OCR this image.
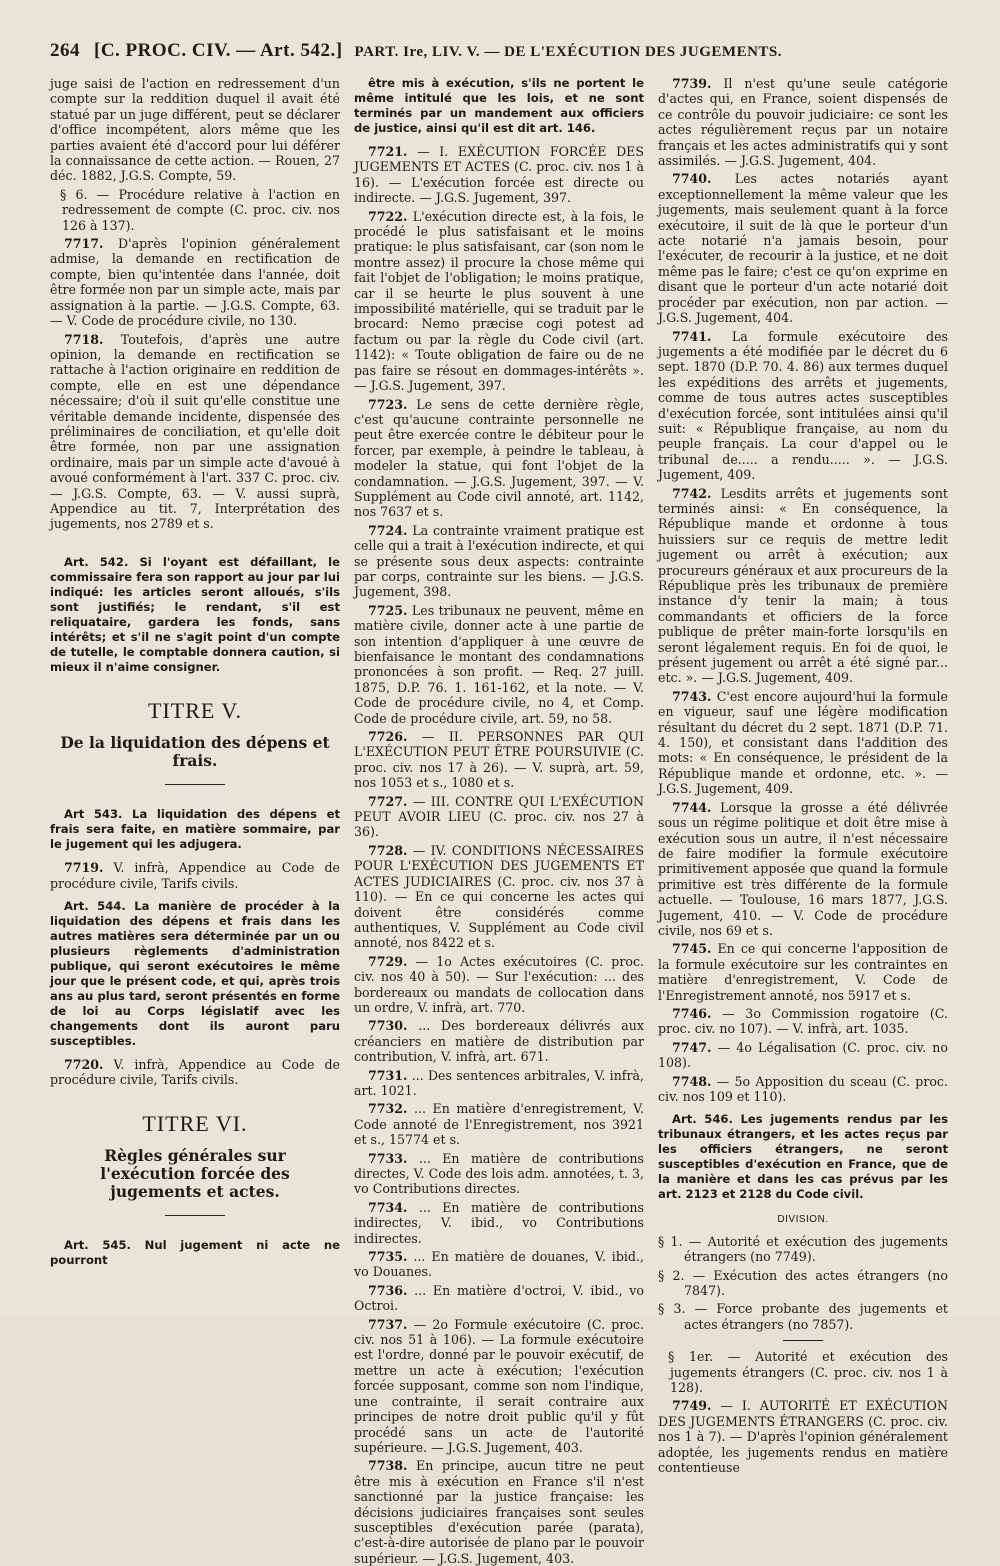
264 [C. PROC. CIV. — Art. 542.] PART. Ire, LIV. V. — DE L'EXÉCUTION DES JUGEMENTS.

juge saisi de l'action en redressement d'un compte sur la reddition duquel il avait été statué par un juge différent, peut se déclarer d'office incompétent, alors même que les parties avaient été d'accord pour lui déférer la connaissance de cette action. — Rouen, 27 déc. 1882, J.G.S. Compte, 59.

§ 6. — Procédure relative à l'action en redressement de compte (C. proc. civ. nos 126 à 137).

7717. D'après l'opinion généralement admise, la demande en rectification de compte, bien qu'intentée dans l'année, doit être formée non par un simple acte, mais par assignation à la partie. — J.G.S. Compte, 63. — V. Code de procédure civile, no 130.

7718. Toutefois, d'après une autre opinion, la demande en rectification se rattache à l'action originaire en reddition de compte, elle en est une dépendance nécessaire; d'où il suit qu'elle constitue une véritable demande incidente, dispensée des préliminaires de conciliation, et qu'elle doit être formée, non par une assignation ordinaire, mais par un simple acte d'avoué à avoué conformément à l'art. 337 C. proc. civ. — J.G.S. Compte, 63. — V. aussi suprà, Appendice au tit. 7, Interprétation des jugements, nos 2789 et s.

Art. 542. Si l'oyant est défaillant, le commissaire fera son rapport au jour par lui indiqué: les articles seront alloués, s'ils sont justifiés; le rendant, s'il est reliquataire, gardera les fonds, sans intérêts; et s'il ne s'agit point d'un compte de tutelle, le comptable donnera caution, si mieux il n'aime consigner.

TITRE V.
De la liquidation des dépens et frais.

Art 543. La liquidation des dépens et frais sera faite, en matière sommaire, par le jugement qui les adjugera.

7719. V. infrà, Appendice au Code de procédure civile, Tarifs civils.

Art. 544. La manière de procéder à la liquidation des dépens et frais dans les autres matières sera déterminée par un ou plusieurs règlements d'administration publique, qui seront exécutoires le même jour que le présent code, et qui, après trois ans au plus tard, seront présentés en forme de loi au Corps législatif avec les changements dont ils auront paru susceptibles.

7720. V. infrà, Appendice au Code de procédure civile, Tarifs civils.

TITRE VI.
Règles générales sur l'exécution forcée des jugements et actes.

Art. 545. Nul jugement ni acte ne pourront

être mis à exécution, s'ils ne portent le même intitulé que les lois, et ne sont terminés par un mandement aux officiers de justice, ainsi qu'il est dit art. 146.

7721. — I. EXÉCUTION FORCÉE DES JUGEMENTS ET ACTES (C. proc. civ. nos 1 à 16). — L'exécution forcée est directe ou indirecte. — J.G.S. Jugement, 397.

7722. L'exécution directe est, à la fois, le procédé le plus satisfaisant et le moins pratique: le plus satisfaisant, car (son nom le montre assez) il procure la chose même qui fait l'objet de l'obligation; le moins pratique, car il se heurte le plus souvent à une impossibilité matérielle, qui se traduit par le brocard: Nemo præcise cogi potest ad factum ou par la règle du Code civil (art. 1142): « Toute obligation de faire ou de ne pas faire se résout en dommages-intérêts ». — J.G.S. Jugement, 397.

7723. Le sens de cette dernière règle, c'est qu'aucune contrainte personnelle ne peut être exercée contre le débiteur pour le forcer, par exemple, à peindre le tableau, à modeler la statue, qui font l'objet de la condamnation. — J.G.S. Jugement, 397. — V. Supplément au Code civil annoté, art. 1142, nos 7637 et s.

7724. La contrainte vraiment pratique est celle qui a trait à l'exécution indirecte, et qui se présente sous deux aspects: contrainte par corps, contrainte sur les biens. — J.G.S. Jugement, 398.

7725. Les tribunaux ne peuvent, même en matière civile, donner acte à une partie de son intention d'appliquer à une œuvre de bienfaisance le montant des condamnations prononcées à son profit. — Req. 27 juill. 1875, D.P. 76. 1. 161-162, et la note. — V. Code de procédure civile, no 4, et Comp. Code de procédure civile, art. 59, no 58.

7726. — II. PERSONNES PAR QUI L'EXÉCUTION PEUT ÊTRE POURSUIVIE (C. proc. civ. nos 17 à 26). — V. suprà, art. 59, nos 1053 et s., 1080 et s.

7727. — III. CONTRE QUI L'EXÉCUTION PEUT AVOIR LIEU (C. proc. civ. nos 27 à 36).

7728. — IV. CONDITIONS NÉCESSAIRES POUR L'EXÉCUTION DES JUGEMENTS ET ACTES JUDICIAIRES (C. proc. civ. nos 37 à 110). — En ce qui concerne les actes qui doivent être considérés comme authentiques, V. Supplément au Code civil annoté, nos 8422 et s.

7729. — 1o Actes exécutoires (C. proc. civ. nos 40 à 50). — Sur l'exécution: ... des bordereaux ou mandats de collocation dans un ordre, V. infrà, art. 770.

7730. ... Des bordereaux délivrés aux créanciers en matière de distribution par contribution, V. infrà, art. 671.

7731. ... Des sentences arbitrales, V. infrà, art. 1021.

7732. ... En matière d'enregistrement, V. Code annoté de l'Enregistrement, nos 3921 et s., 15774 et s.

7733. ... En matière de contributions directes, V. Code des lois adm. annotées, t. 3, vo Contributions directes.

7734. ... En matière de contributions indirectes, V. ibid., vo Contributions indirectes.

7735. ... En matière de douanes, V. ibid., vo Douanes.

7736. ... En matière d'octroi, V. ibid., vo Octroi.

7737. — 2o Formule exécutoire (C. proc. civ. nos 51 à 106). — La formule exécutoire est l'ordre, donné par le pouvoir exécutif, de mettre un acte à exécution; l'exécution forcée supposant, comme son nom l'indique, une contrainte, il serait contraire aux principes de notre droit public qu'il y fût procédé sans un acte de l'autorité supérieure. — J.G.S. Jugement, 403.

7738. En principe, aucun titre ne peut être mis à exécution en France s'il n'est sanctionné par la justice française: les décisions judiciaires françaises sont seules susceptibles d'exécution parée (parata), c'est-à-dire autorisée de plano par le pouvoir supérieur. — J.G.S. Jugement, 403.

7739. Il n'est qu'une seule catégorie d'actes qui, en France, soient dispensés de ce contrôle du pouvoir judiciaire: ce sont les actes régulièrement reçus par un notaire français et les actes administratifs qui y sont assimilés. — J.G.S. Jugement, 404.

7740. Les actes notariés ayant exceptionnellement la même valeur que les jugements, mais seulement quant à la force exécutoire, il suit de là que le porteur d'un acte notarié n'a jamais besoin, pour l'exécuter, de recourir à la justice, et ne doit même pas le faire; c'est ce qu'on exprime en disant que le porteur d'un acte notarié doit procéder par exécution, non par action. — J.G.S. Jugement, 404.

7741. La formule exécutoire des jugements a été modifiée par le décret du 6 sept. 1870 (D.P. 70. 4. 86) aux termes duquel les expéditions des arrêts et jugements, comme de tous autres actes susceptibles d'exécution forcée, sont intitulées ainsi qu'il suit: « République française, au nom du peuple français. La cour d'appel ou le tribunal de..... a rendu..... ». — J.G.S. Jugement, 409.

7742. Lesdits arrêts et jugements sont terminés ainsi: « En conséquence, la République mande et ordonne à tous huissiers sur ce requis de mettre ledit jugement ou arrêt à exécution; aux procureurs généraux et aux procureurs de la République près les tribunaux de première instance d'y tenir la main; à tous commandants et officiers de la force publique de prêter main-forte lorsqu'ils en seront légalement requis. En foi de quoi, le présent jugement ou arrêt a été signé par... etc. ». — J.G.S. Jugement, 409.

7743. C'est encore aujourd'hui la formule en vigueur, sauf une légère modification résultant du décret du 2 sept. 1871 (D.P. 71. 4. 150), et consistant dans l'addition des mots: « En conséquence, le président de la République mande et ordonne, etc. ». — J.G.S. Jugement, 409.

7744. Lorsque la grosse a été délivrée sous un régime politique et doit être mise à exécution sous un autre, il n'est nécessaire de faire modifier la formule exécutoire primitivement apposée que quand la formule primitive est très différente de la formule actuelle. — Toulouse, 16 mars 1877, J.G.S. Jugement, 410. — V. Code de procédure civile, nos 69 et s.

7745. En ce qui concerne l'apposition de la formule exécutoire sur les contraintes en matière d'enregistrement, V. Code de l'Enregistrement annoté, nos 5917 et s.

7746. — 3o Commission rogatoire (C. proc. civ. no 107). — V. infrà, art. 1035.

7747. — 4o Légalisation (C. proc. civ. no 108).

7748. — 5o Apposition du sceau (C. proc. civ. nos 109 et 110).

Art. 546. Les jugements rendus par les tribunaux étrangers, et les actes reçus par les officiers étrangers, ne seront susceptibles d'exécution en France, que de la manière et dans les cas prévus par les art. 2123 et 2128 du Code civil.

DIVISION.

§ 1. — Autorité et exécution des jugements étrangers (no 7749).

§ 2. — Exécution des actes étrangers (no 7847).

§ 3. — Force probante des jugements et actes étrangers (no 7857).

§ 1er. — Autorité et exécution des jugements étrangers (C. proc. civ. nos 1 à 128).

7749. — I. AUTORITÉ ET EXÉCUTION DES JUGEMENTS ÉTRANGERS (C. proc. civ. nos 1 à 7). — D'après l'opinion généralement adoptée, les jugements rendus en matière contentieuse
